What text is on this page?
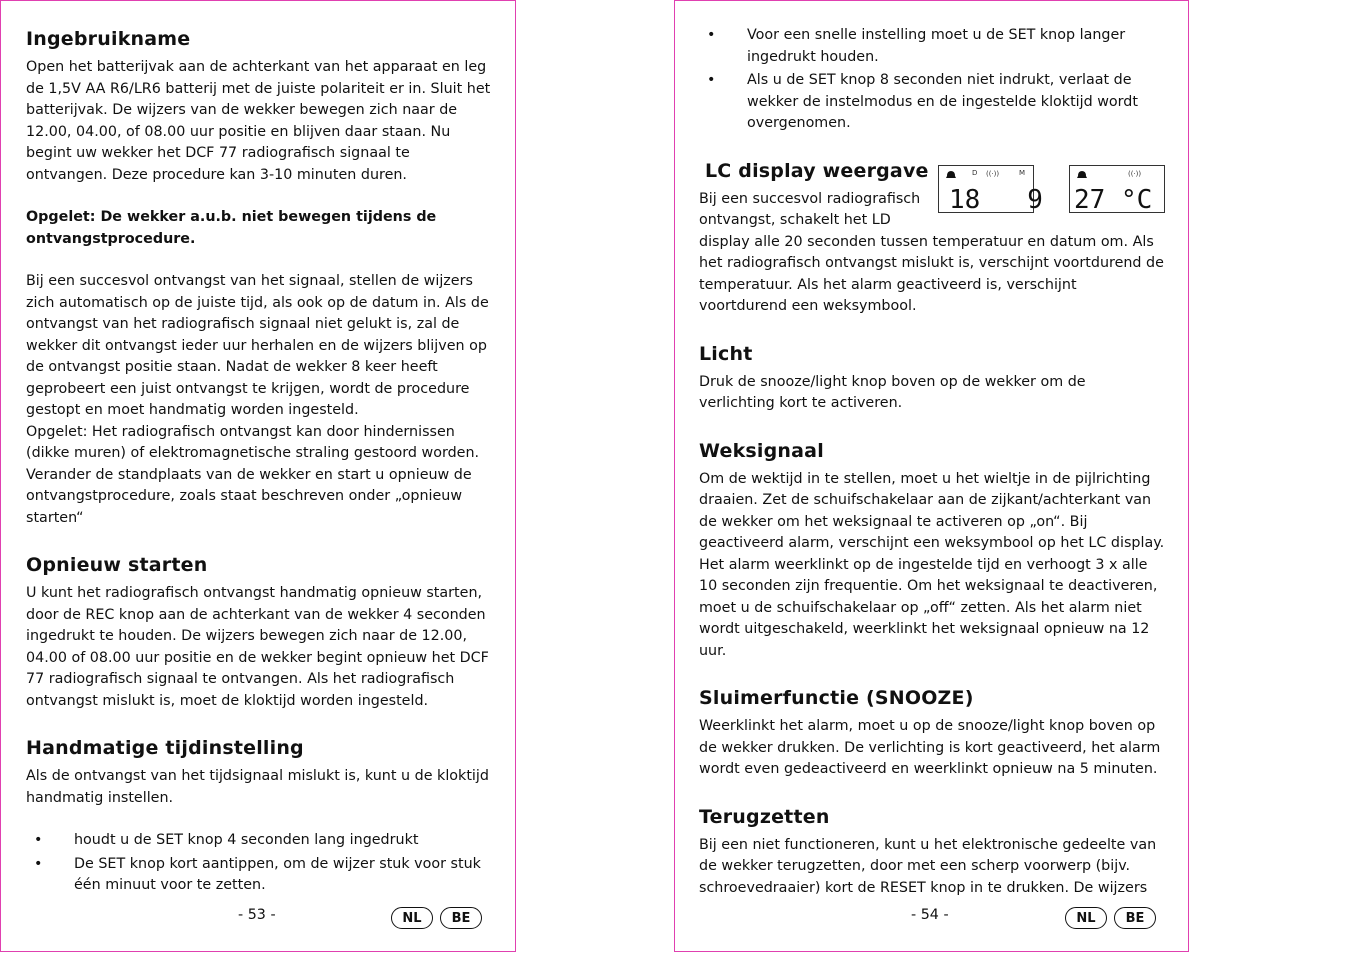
Ingebruikname

Open het batterijvak aan de achterkant van het apparaat en leg de 1,5V AA R6/LR6 batterij met de juiste polariteit er in. Sluit het batterijvak. De wijzers van de wekker bewegen zich naar de 12.00, 04.00, of 08.00 uur positie en blijven daar staan. Nu begint uw wekker het DCF 77 radiografisch signaal te ontvangen. Deze procedure kan 3-10 minuten duren.

Opgelet: De wekker a.u.b. niet bewegen tijdens de ontvangstprocedure.

Bij een succesvol ontvangst van het signaal, stellen de wijzers zich automatisch op de juiste tijd, als ook op de datum in. Als de ontvangst van het radiografisch signaal niet gelukt is, zal de wekker dit ontvangst ieder uur herhalen en de wijzers blijven op de ontvangst positie staan. Nadat de wekker 8 keer heeft geprobeert een juist ontvangst te krijgen, wordt de procedure gestopt en moet handmatig worden ingesteld.

Opgelet: Het radiografisch ontvangst kan door hindernissen (dikke muren) of elektromagnetische straling gestoord worden. Verander de standplaats van de wekker en start u opnieuw de ontvangstprocedure, zoals staat beschreven onder „opnieuw starten“

Opnieuw starten

U kunt het radiografisch ontvangst handmatig opnieuw starten, door de REC knop aan de achterkant van de wekker 4 seconden ingedrukt te houden. De wijzers bewegen zich naar de 12.00, 04.00 of 08.00 uur positie en de wekker begint opnieuw het DCF 77 radiografisch signaal te ontvangen. Als het radiografisch ontvangst mislukt is, moet de kloktijd worden ingesteld.

Handmatige tijdinstelling

Als de ontvangst van het tijdsignaal mislukt is, kunt u de kloktijd handmatig instellen.

• houdt u de SET knop 4 seconden lang ingedrukt
• De SET knop kort aantippen, om de wijzer stuk voor stuk één minuut voor te zetten.
- 53 -	NL	BE
• Voor een snelle instelling moet u de SET knop langer ingedrukt houden.
• Als u de SET knop 8 seconden niet indrukt, verlaat de wekker de instelmodus en de ingestelde kloktijd wordt overgenomen.
LC display weergave

Bij een succesvol radiografisch ontvangst, schakelt het LD

display alle 20 seconden tussen temperatuur en datum om. Als het radiografisch ontvangst mislukt is, verschijnt voortdurend de temperatuur. Als het alarm geactiveerd is, verschijnt voortdurend een weksymbool.

Licht

Druk de snooze/light knop boven op de wekker om de verlichting kort te activeren.

Weksignaal

Om de wektijd in te stellen, moet u het wieltje in de pijlrichting draaien. Zet de schuifschakelaar aan de zijkant/achterkant van de wekker om het weksignaal te activeren op „on“. Bij geactiveerd alarm, verschijnt een weksymbool op het LC display. Het alarm weerklinkt op de ingestelde tijd en verhoogt 3 x alle 10 seconden zijn frequentie. Om het weksignaal te deactiveren, moet u de schuifschakelaar op „off“ zetten. Als het alarm niet wordt uitgeschakeld, weerklinkt het weksignaal opnieuw na 12 uur.

Sluimerfunctie (SNOOZE)

Weerklinkt het alarm, moet u op de snooze/light knop boven op de wekker drukken. De verlichting is kort geactiveerd, het alarm wordt even gedeactiveerd en weerklinkt opnieuw na 5 minuten.

Terugzetten

Bij een niet functioneren, kunt u het elektronische gedeelte van de wekker terugzetten, door met een scherp voorwerp (bijv. schroevedraaier) kort de RESET knop in te drukken. De wijzers

D ((·))	M
18   9
((·))
27 °C
- 54 -	NL	BE
